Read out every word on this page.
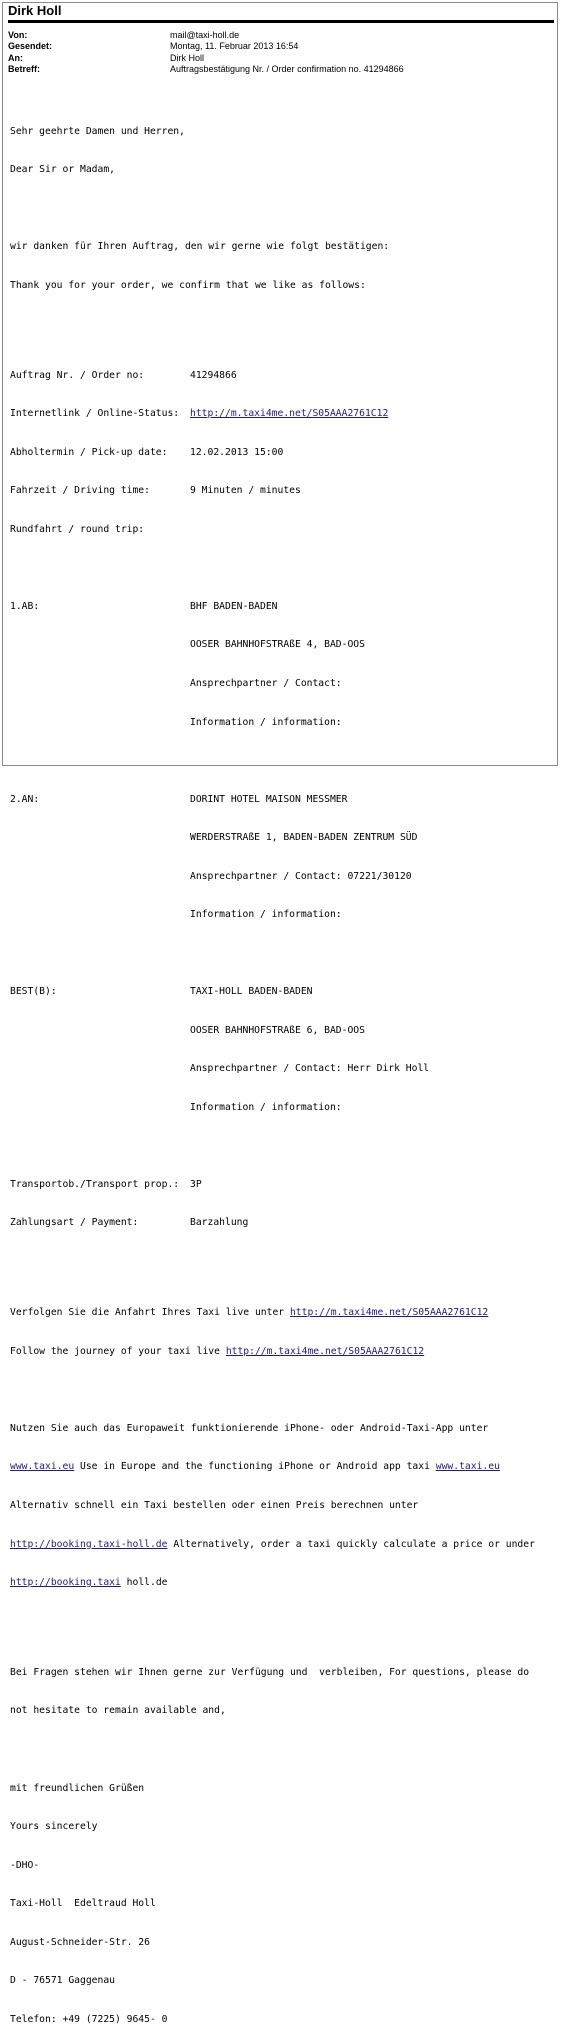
Dirk Holl
Von:	mail@taxi-holl.de
Gesendet:	Montag, 11. Februar 2013 16:54
An:	Dirk Holl
Betreff:	Auftragsbestätigung Nr. / Order confirmation no. 41294866

Sehr geehrte Damen und Herren,

Dear Sir or Madam,

wir danken für Ihren Auftrag, den wir gerne wie folgt bestätigen:

Thank you for your order, we confirm that we like as follows:

Auftrag Nr. / Order no:	41294866

Internetlink / Online-Status:	http://m.taxi4me.net/S05AAA2761C12

Abholtermin / Pick-up date:	12.02.2013 15:00

Fahrzeit / Driving time:	9 Minuten / minutes

Rundfahrt / round trip:

1.AB:	BHF BADEN-BADEN

OOSER BAHNHOFSTRAßE 4, BAD-OOS

Ansprechpartner / Contact:

Information / information:

2.AN:	DORINT HOTEL MAISON MESSMER

WERDERSTRAßE 1, BADEN-BADEN ZENTRUM SÜD

Ansprechpartner / Contact: 07221/30120

Information / information:

BEST(B):	TAXI-HOLL BADEN-BADEN

OOSER BAHNHOFSTRAßE 6, BAD-OOS

Ansprechpartner / Contact: Herr Dirk Holl

Information / information:

Transportob./Transport prop.:	3P

Zahlungsart / Payment:	Barzahlung

Verfolgen Sie die Anfahrt Ihres Taxi live unter http://m.taxi4me.net/S05AAA2761C12

Follow the journey of your taxi live http://m.taxi4me.net/S05AAA2761C12

Nutzen Sie auch das Europaweit funktionierende iPhone- oder Android-Taxi-App unter

www.taxi.eu Use in Europe and the functioning iPhone or Android app taxi www.taxi.eu

Alternativ schnell ein Taxi bestellen oder einen Preis berechnen unter

http://booking.taxi-holl.de Alternatively, order a taxi quickly calculate a price or under

http://booking.taxi holl.de

Bei Fragen stehen wir Ihnen gerne zur Verfügung und  verbleiben, For questions, please do

not hesitate to remain available and,

mit freundlichen Grüßen

Yours sincerely

-DHO-

Taxi-Holl  Edeltraud Holl

August-Schneider-Str. 26

D - 76571 Gaggenau

Telefon: +49 (7225) 9645- 0
